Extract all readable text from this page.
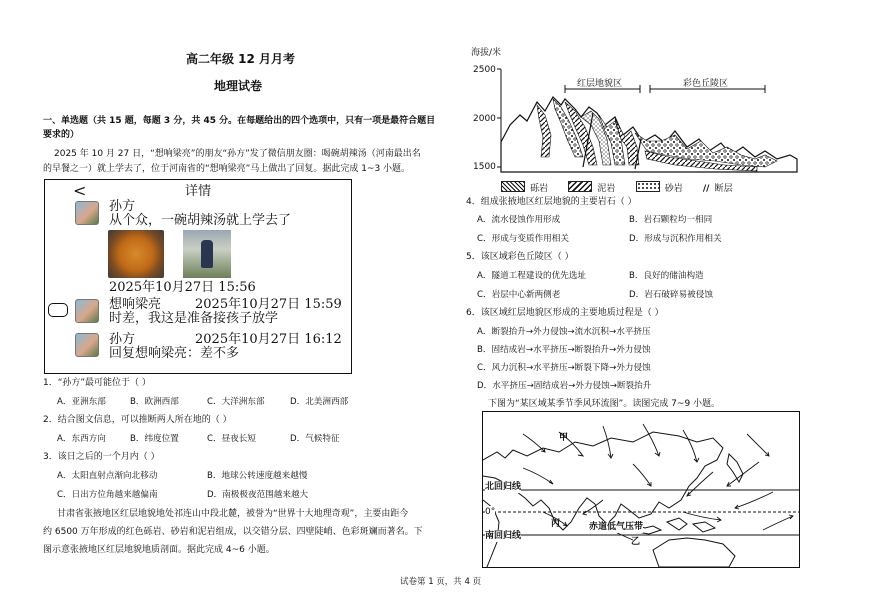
高二年级 12 月月考
地理试卷
一、单选题（共 15 题，每题 3 分，共 45 分。在每题给出的四个选项中，只有一项是最符合题目
要求的）
2025 年 10 月 27 日，“想响梁亮”的朋友“孙方”发了微信朋友圈：喝碗胡辣汤（河南最出名
的早餐之一）就上学去了，位于河南省的“想响梁亮”马上做出了回复。据此完成 1~3 小题。
<	详情
孙方
从个众，一碗胡辣汤就上学去了
2025年10月27日 15:56
想响梁亮	2025年10月27日 15:59
时差，我这是准备接孩子放学
孙方	2025年10月27日 16:12
回复想响梁亮：差不多
1．“孙方”最可能位于（ ）
A．亚洲东部	B．欧洲西部	C．大洋洲东部	D．北美洲西部
2．结合图文信息，可以推断两人所在地的（ ）
A．东西方向	B．纬度位置	C．昼夜长短	D．气候特征
3．该日之后的一个月内（ ）
A．太阳直射点渐向北移动	B．地球公转速度越来越慢
C．日出方位角越来越偏南	D．南极极夜范围越来越大
甘肃省张掖地区红层地貌地处祁连山中段北麓，被誉为“世界十大地理奇观”，主要由距今
约 6500 万年形成的红色砾岩、砂岩和泥岩组成，以交错分层、四壁陡峭、色彩斑斓而著名。下
图示意张掖地区红层地貌地质剖面。据此完成 4~6 小题。
海拔/米
2500
2000
1500
红层地貌区	彩色丘陵区
砾岩	泥岩	砂岩 // 断层
4．组成张掖地区红层地貌的主要岩石（ ）
A．流水侵蚀作用形成	B．岩石颗粒均一相同
C．形成与变质作用相关	D．形成与沉积作用相关
5．该区域彩色丘陵区（ ）
A．隧道工程建设的优先选址	B．良好的储油构造
C．岩层中心新两侧老	D．岩石破碎易被侵蚀
6．该区域红层地貌区形成的主要地质过程是（ ）
A．断裂抬升→外力侵蚀→流水沉积→水平挤压
B．固结成岩→水平挤压→断裂抬升→外力侵蚀
C．风力沉积→水平挤压→断裂下降→外力侵蚀
D．水平挤压→固结成岩→外力侵蚀→断裂抬升
下图为“某区域某季节季风环流图”。读图完成 7~9 小题。
甲
乙
丙
北回归线
0°
南回归线
赤道低气压带
试卷第 1 页，共 4 页
